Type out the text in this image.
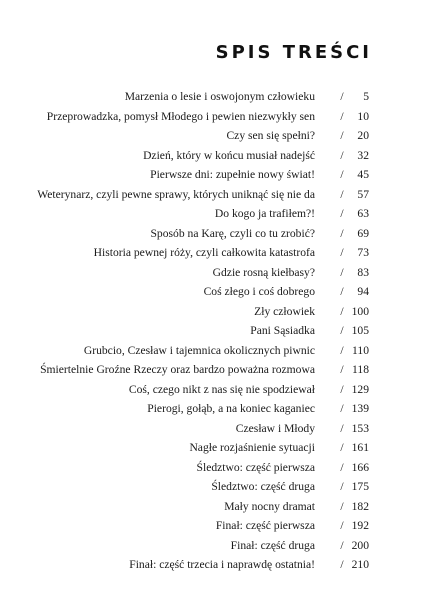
SPIS TREŚCI
Marzenia o lesie i oswojonym człowieku / 5
Przeprowadzka, pomysł Młodego i pewien niezwykły sen / 10
Czy sen się spełni? / 20
Dzień, który w końcu musiał nadejść / 32
Pierwsze dni: zupełnie nowy świat! / 45
Weterynarz, czyli pewne sprawy, których uniknąć się nie da / 57
Do kogo ja trafiłem?! / 63
Sposób na Karę, czyli co tu zrobić? / 69
Historia pewnej róży, czyli całkowita katastrofa / 73
Gdzie rosną kiełbasy? / 83
Coś złego i coś dobrego / 94
Zły człowiek / 100
Pani Sąsiadka / 105
Grubcio, Czesław i tajemnica okolicznych piwnic / 110
Śmiertelnie Groźne Rzeczy oraz bardzo poważna rozmowa / 118
Coś, czego nikt z nas się nie spodziewał / 129
Pierogi, gołąb, a na koniec kaganiec / 139
Czesław i Młody / 153
Nagłe rozjaśnienie sytuacji / 161
Śledztwo: część pierwsza / 166
Śledztwo: część druga / 175
Mały nocny dramat / 182
Finał: część pierwsza / 192
Finał: część druga / 200
Finał: część trzecia i naprawdę ostatnia! / 210
